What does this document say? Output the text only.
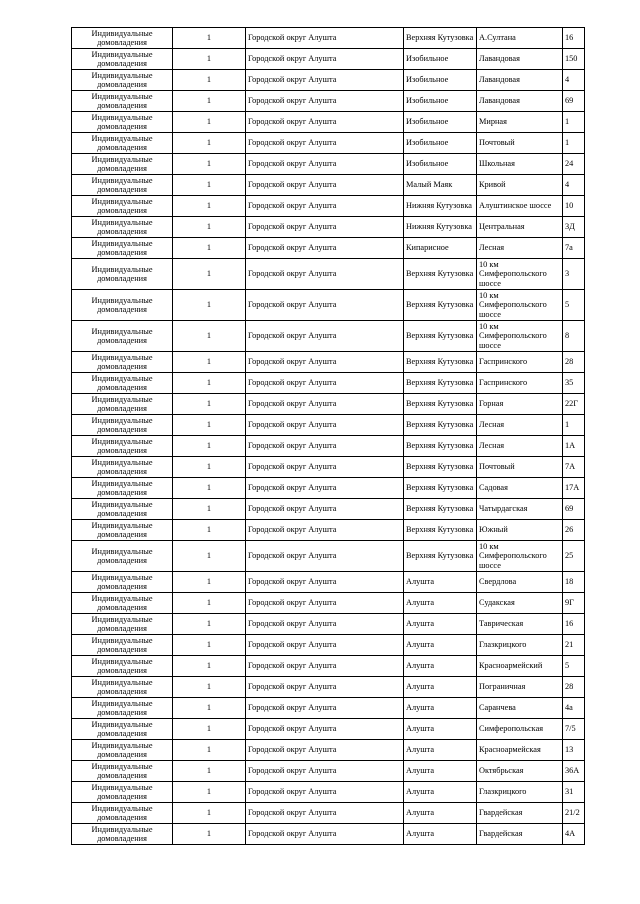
Индивидуальные домовладения	1	Городской округ Алушта	Верхняя Кутузовка	А.Султана	16
Индивидуальные домовладения	1	Городской округ Алушта	Изобильное	Лавандовая	150
Индивидуальные домовладения	1	Городской округ Алушта	Изобильное	Лавандовая	4
Индивидуальные домовладения	1	Городской округ Алушта	Изобильное	Лавандовая	69
Индивидуальные домовладения	1	Городской округ Алушта	Изобильное	Мирная	1
Индивидуальные домовладения	1	Городской округ Алушта	Изобильное	Почтовый	1
Индивидуальные домовладения	1	Городской округ Алушта	Изобильное	Школьная	24
Индивидуальные домовладения	1	Городской округ Алушта	Малый Маяк	Кривой	4
Индивидуальные домовладения	1	Городской округ Алушта	Нижняя Кутузовка	Алуштинское шоссе	10
Индивидуальные домовладения	1	Городской округ Алушта	Нижняя Кутузовка	Центральная	3Д
Индивидуальные домовладения	1	Городской округ Алушта	Кипарисное	Лесная	7а
Индивидуальные домовладения	1	Городской округ Алушта	Верхняя Кутузовка	10 км Симферопольского шоссе	3
Индивидуальные домовладения	1	Городской округ Алушта	Верхняя Кутузовка	10 км Симферопольского шоссе	5
Индивидуальные домовладения	1	Городской округ Алушта	Верхняя Кутузовка	10 км Симферопольского шоссе	8
Индивидуальные домовладения	1	Городской округ Алушта	Верхняя Кутузовка	Гаспринского	28
Индивидуальные домовладения	1	Городской округ Алушта	Верхняя Кутузовка	Гаспринского	35
Индивидуальные домовладения	1	Городской округ Алушта	Верхняя Кутузовка	Горная	22Г
Индивидуальные домовладения	1	Городской округ Алушта	Верхняя Кутузовка	Лесная	1
Индивидуальные домовладения	1	Городской округ Алушта	Верхняя Кутузовка	Лесная	1А
Индивидуальные домовладения	1	Городской округ Алушта	Верхняя Кутузовка	Почтовый	7А
Индивидуальные домовладения	1	Городской округ Алушта	Верхняя Кутузовка	Садовая	17А
Индивидуальные домовладения	1	Городской округ Алушта	Верхняя Кутузовка	Чатырдагская	69
Индивидуальные домовладения	1	Городской округ Алушта	Верхняя Кутузовка	Южный	26
Индивидуальные домовладения	1	Городской округ Алушта	Верхняя Кутузовка	10 км Симферопольского шоссе	25
Индивидуальные домовладения	1	Городской округ Алушта	Алушта	Свердлова	18
Индивидуальные домовладения	1	Городской округ Алушта	Алушта	Судакская	9Г
Индивидуальные домовладения	1	Городской округ Алушта	Алушта	Таврическая	16
Индивидуальные домовладения	1	Городской округ Алушта	Алушта	Глазкрицкого	21
Индивидуальные домовладения	1	Городской округ Алушта	Алушта	Красноармейский	5
Индивидуальные домовладения	1	Городской округ Алушта	Алушта	Пограничная	28
Индивидуальные домовладения	1	Городской округ Алушта	Алушта	Саранчева	4а
Индивидуальные домовладения	1	Городской округ Алушта	Алушта	Симферопольская	7/5
Индивидуальные домовладения	1	Городской округ Алушта	Алушта	Красноармейская	13
Индивидуальные домовладения	1	Городской округ Алушта	Алушта	Октябрьская	36А
Индивидуальные домовладения	1	Городской округ Алушта	Алушта	Глазкрицкого	31
Индивидуальные домовладения	1	Городской округ Алушта	Алушта	Гвардейская	21/2
Индивидуальные домовладения	1	Городской округ Алушта	Алушта	Гвардейская	4А
